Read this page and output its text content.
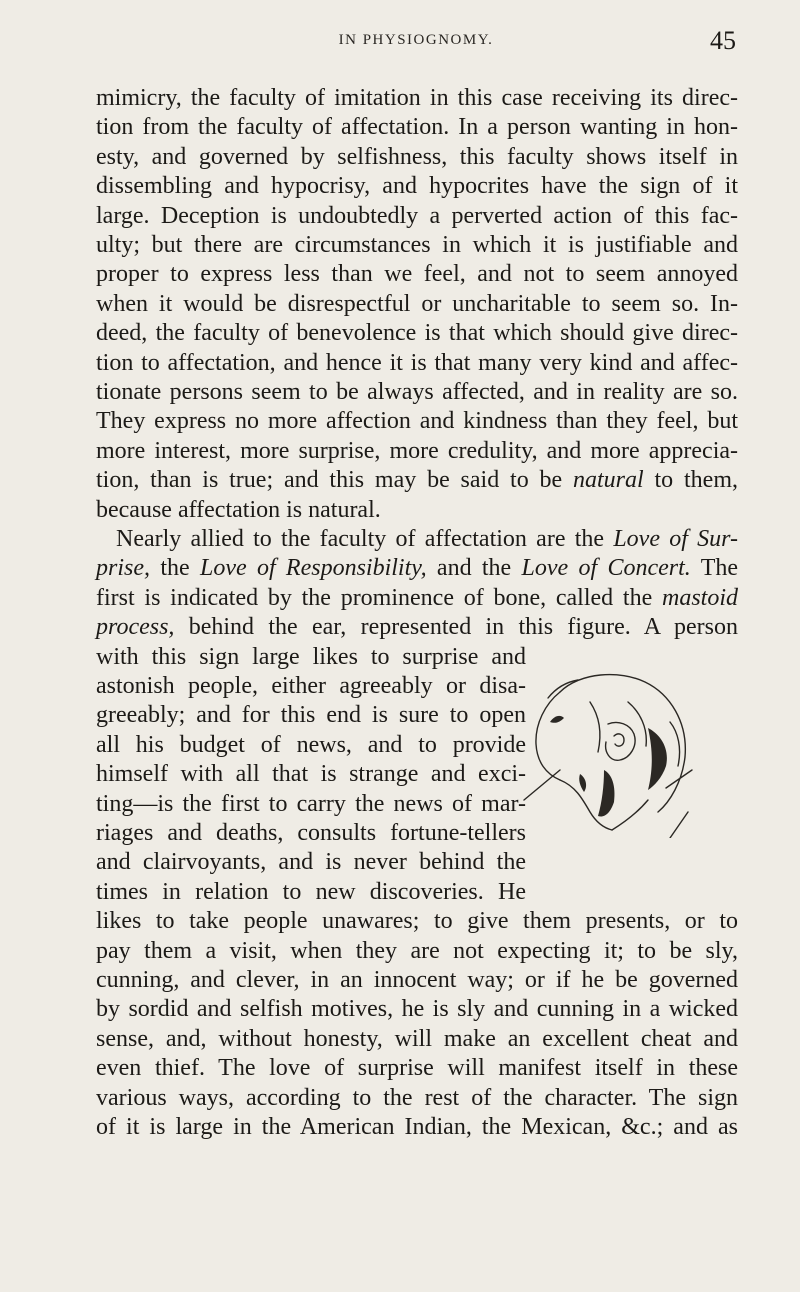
IN PHYSIOGNOMY.	45
mimicry, the faculty of imitation in this case receiving its direc-
tion from the faculty of affectation. In a person wanting in hon-
esty, and governed by selfishness, this faculty shows itself in
dissembling and hypocrisy, and hypocrites have the sign of it
large. Deception is undoubtedly a perverted action of this fac-
ulty; but there are circumstances in which it is justifiable and
proper to express less than we feel, and not to seem annoyed
when it would be disrespectful or uncharitable to seem so. In-
deed, the faculty of benevolence is that which should give direc-
tion to affectation, and hence it is that many very kind and affec-
tionate persons seem to be always affected, and in reality are so.
They express no more affection and kindness than they feel, but
more interest, more surprise, more credulity, and more apprecia-
tion, than is true; and this may be said to be natural to them,
because affectation is natural.
Nearly allied to the faculty of affectation are the Love of Sur-
prise, the Love of Responsibility, and the Love of Concert. The
first is indicated by the prominence of bone, called the mastoid
process, behind the ear, represented in this figure. A person
with this sign large likes to surprise and
astonish people, either agreeably or disa-
greeably; and for this end is sure to open
all his budget of news, and to provide
himself with all that is strange and exci-
ting—is the first to carry the news of mar-
riages and deaths, consults fortune-tellers
and clairvoyants, and is never behind the
times in relation to new discoveries. He
likes to take people unawares; to give them presents, or to
pay them a visit, when they are not expecting it; to be sly,
cunning, and clever, in an innocent way; or if he be governed
by sordid and selfish motives, he is sly and cunning in a wicked
sense, and, without honesty, will make an excellent cheat and
even thief. The love of surprise will manifest itself in these
various ways, according to the rest of the character. The sign
of it is large in the American Indian, the Mexican, &c.; and as
